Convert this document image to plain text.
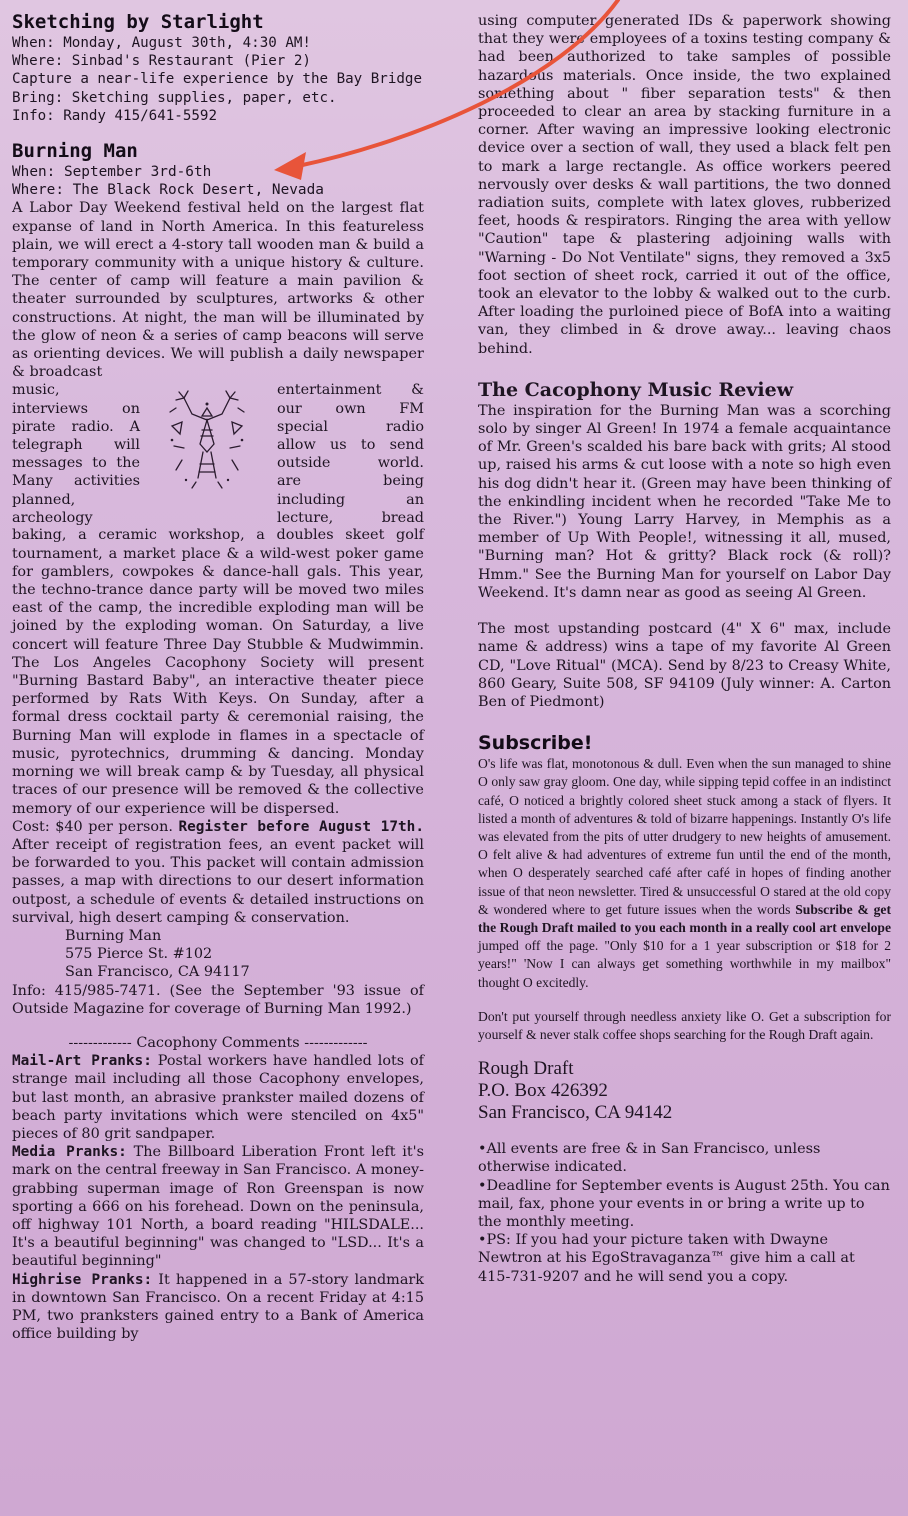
Sketching by Starlight
When: Monday, August 30th, 4:30 AM!
Where: Sinbad's Restaurant (Pier 2)
Capture a near-life experience by the Bay Bridge
Bring: Sketching supplies, paper, etc.
Info: Randy 415/641-5592
Burning Man
When: September 3rd-6th
Where: The Black Rock Desert, Nevada

A Labor Day Weekend festival held on the largest flat expanse of land in North America. In this featureless plain, we will erect a 4-story tall wooden man & build a temporary community with a unique history & culture. The center of camp will feature a main pavilion & theater surrounded by sculptures, artworks & other constructions. At night, the man will be illuminated by the glow of neon & a series of camp beacons will serve as orienting devices. We will publish a daily newspaper & broadcast

music,
interviews on
pirate radio. A
telegraph will
messages to the
Many activities
planned,
archeology
entertainment &
our own FM
special radio
allow us to send
outside world.
are being
including an
lecture, bread

baking, a ceramic workshop, a doubles skeet golf tournament, a market place & a wild-west poker game for gamblers, cowpokes & dance-hall gals. This year, the techno-trance dance party will be moved two miles east of the camp, the incredible exploding man will be joined by the exploding woman. On Saturday, a live concert will feature Three Day Stubble & Mudwimmin. The Los Angeles Cacophony Society will present "Burning Bastard Baby", an interactive theater piece performed by Rats With Keys. On Sunday, after a formal dress cocktail party & ceremonial raising, the Burning Man will explode in flames in a spectacle of music, pyrotechnics, drumming & dancing. Monday morning we will break camp & by Tuesday, all physical traces of our presence will be removed & the collective memory of our experience will be dispersed.

Cost: $40 per person. Register before August 17th. After receipt of registration fees, an event packet will be forwarded to you. This packet will contain admission passes, a map with directions to our desert information outpost, a schedule of events & detailed instructions on survival, high desert camping & conservation.

Burning Man
575 Pierce St. #102
San Francisco, CA 94117

Info: 415/985-7471. (See the September '93 issue of Outside Magazine for coverage of Burning Man 1992.)

------------- Cacophony Comments -------------

Mail-Art Pranks: Postal workers have handled lots of strange mail including all those Cacophony envelopes, but last month, an abrasive prankster mailed dozens of beach party invitations which were stenciled on 4x5" pieces of 80 grit sandpaper.

Media Pranks: The Billboard Liberation Front left it's mark on the central freeway in San Francisco. A money-grabbing superman image of Ron Greenspan is now sporting a 666 on his forehead. Down on the peninsula, off highway 101 North, a board reading "HILSDALE... It's a beautiful beginning" was changed to "LSD... It's a beautiful beginning"

Highrise Pranks: It happened in a 57-story landmark in downtown San Francisco. On a recent Friday at 4:15 PM, two pranksters gained entry to a Bank of America office building by

using computer generated IDs & paperwork showing that they were employees of a toxins testing company & had been authorized to take samples of possible hazardous materials. Once inside, the two explained something about " fiber separation tests" & then proceeded to clear an area by stacking furniture in a corner. After waving an impressive looking electronic device over a section of wall, they used a black felt pen to mark a large rectangle. As office workers peered nervously over desks & wall partitions, the two donned radiation suits, complete with latex gloves, rubberized feet, hoods & respirators. Ringing the area with yellow "Caution" tape & plastering adjoining walls with "Warning - Do Not Ventilate" signs, they removed a 3x5 foot section of sheet rock, carried it out of the office, took an elevator to the lobby & walked out to the curb. After loading the purloined piece of BofA into a waiting van, they climbed in & drove away... leaving chaos behind.

The Cacophony Music Review

The inspiration for the Burning Man was a scorching solo by singer Al Green! In 1974 a female acquaintance of Mr. Green's scalded his bare back with grits; Al stood up, raised his arms & cut loose with a note so high even his dog didn't hear it. (Green may have been thinking of the enkindling incident when he recorded "Take Me to the River.") Young Larry Harvey, in Memphis as a member of Up With People!, witnessing it all, mused, "Burning man? Hot & gritty? Black rock (& roll)? Hmm." See the Burning Man for yourself on Labor Day Weekend. It's damn near as good as seeing Al Green.

The most upstanding postcard (4" X 6" max, include name & address) wins a tape of my favorite Al Green CD, "Love Ritual" (MCA). Send by 8/23 to Creasy White, 860 Geary, Suite 508, SF 94109 (July winner: A. Carton Ben of Piedmont)

Subscribe!

O's life was flat, monotonous & dull. Even when the sun managed to shine O only saw gray gloom. One day, while sipping tepid coffee in an indistinct café, O noticed a brightly colored sheet stuck among a stack of flyers. It listed a month of adventures & told of bizarre happenings. Instantly O's life was elevated from the pits of utter drudgery to new heights of amusement. O felt alive & had adventures of extreme fun until the end of the month, when O desperately searched café after café in hopes of finding another issue of that neon newsletter. Tired & unsuccessful O stared at the old copy & wondered where to get future issues when the words Subscribe & get the Rough Draft mailed to you each month in a really cool art envelope jumped off the page. "Only $10 for a 1 year subscription or $18 for 2 years!" 'Now I can always get something worthwhile in my mailbox" thought O excitedly.

Don't put yourself through needless anxiety like O. Get a subscription for yourself & never stalk coffee shops searching for the Rough Draft again.

Rough Draft
P.O. Box 426392
San Francisco, CA 94142

•All events are free & in San Francisco, unless otherwise indicated.

•Deadline for September events is August 25th. You can mail, fax, phone your events in or bring a write up to the monthly meeting.

•PS: If you had your picture taken with Dwayne Newtron at his EgoStravaganza™ give him a call at 415-731-9207 and he will send you a copy.
